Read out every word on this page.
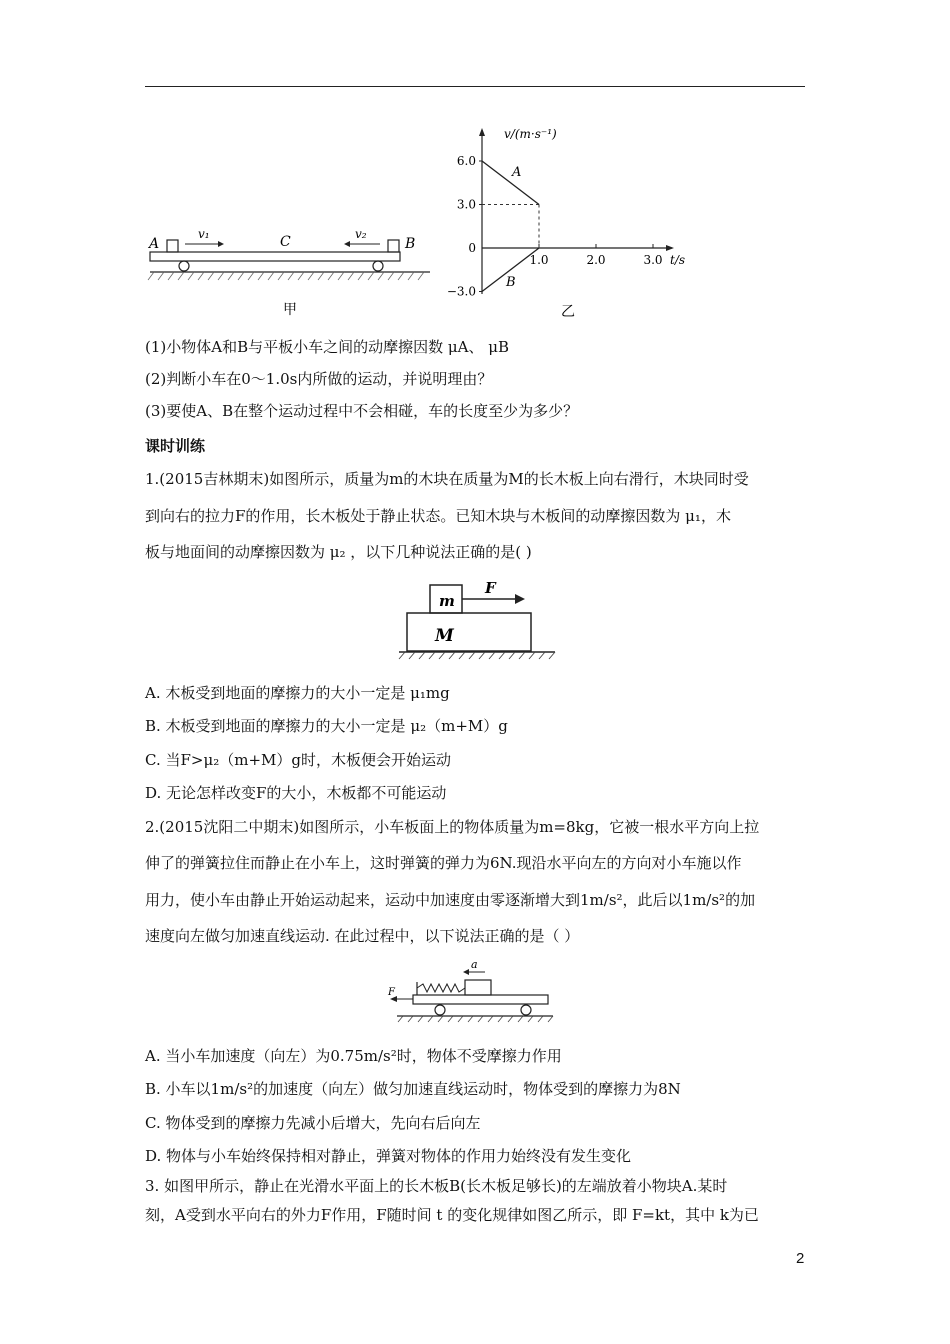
A	B
C
v₁	v₂
甲
v/(m·s⁻¹)
t/s
6.0
3.0
0
−3.0
1.0	2.0	3.0
A
B
乙
(1)小物体A和B与平板小车之间的动摩擦因数 μA、 μB
(2)判断小车在0～1.0s内所做的运动，并说明理由？
(3)要使A、B在整个运动过程中不会相碰，车的长度至少为多少？
课时训练
1.(2015吉林期末)如图所示，质量为m的木块在质量为M的长木板上向右滑行，木块同时受
到向右的拉力F的作用，长木板处于静止状态。已知木块与木板间的动摩擦因数为 μ₁，木
板与地面间的动摩擦因数为 μ₂ ，以下几种说法正确的是( )
m
M
F
A. 木板受到地面的摩擦力的大小一定是 μ₁mg
B. 木板受到地面的摩擦力的大小一定是 μ₂（m+M）g
C. 当F>μ₂（m+M）g时，木板便会开始运动
D. 无论怎样改变F的大小，木板都不可能运动
2.(2015沈阳二中期末)如图所示，小车板面上的物体质量为m=8kg，它被一根水平方向上拉
伸了的弹簧拉住而静止在小车上，这时弹簧的弹力为6N.现沿水平向左的方向对小车施以作
用力，使小车由静止开始运动起来，运动中加速度由零逐渐增大到1m/s²，此后以1m/s²的加
速度向左做匀加速直线运动. 在此过程中，以下说法正确的是（ ）
a
F
A. 当小车加速度（向左）为0.75m/s²时，物体不受摩擦力作用
B. 小车以1m/s²的加速度（向左）做匀加速直线运动时，物体受到的摩擦力为8N
C. 物体受到的摩擦力先减小后增大，先向右后向左
D. 物体与小车始终保持相对静止，弹簧对物体的作用力始终没有发生变化
3. 如图甲所示，静止在光滑水平面上的长木板B(长木板足够长)的左端放着小物块A.某时
刻，A受到水平向右的外力F作用，F随时间 t 的变化规律如图乙所示，即 F=kt，其中 k为已
2
